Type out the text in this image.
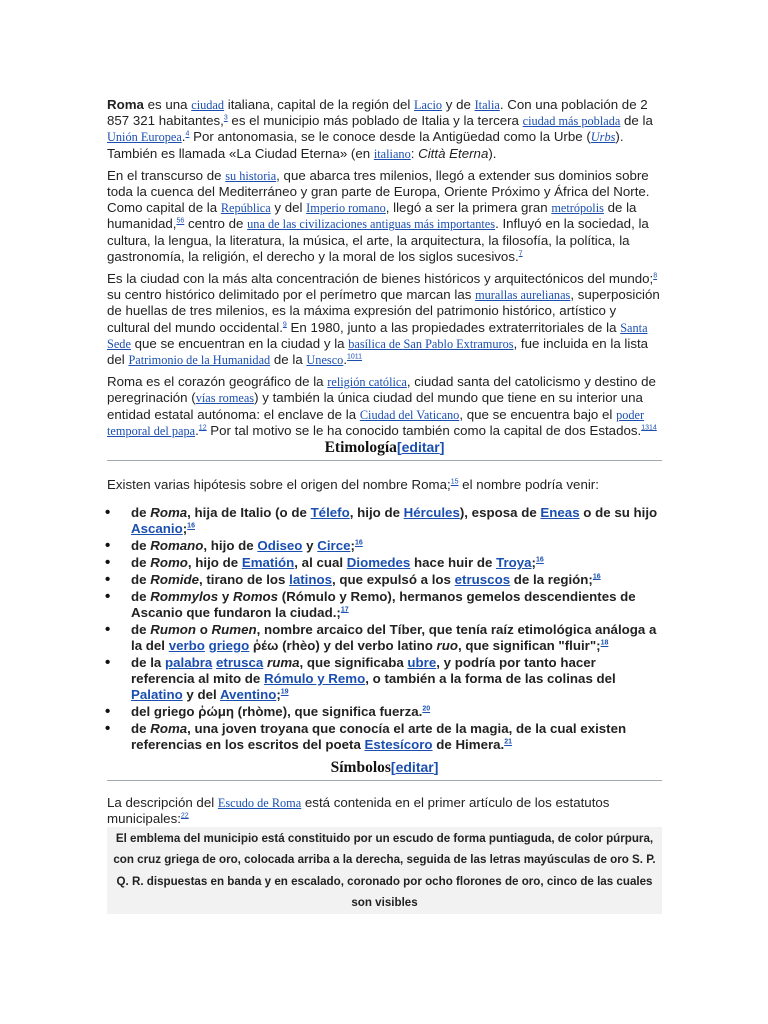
Roma es una ciudad italiana, capital de la región del Lacio y de Italia. Con una población de 2 857 321 habitantes,$^3$ es el municipio más poblado de Italia y la tercera ciudad más poblada de la Unión Europea.$^4$ Por antonomasia, se le conoce desde la Antigüedad como la Urbe (Urbs). También es llamada «La Ciudad Eterna» (en italiano: Città Eterna).

En el transcurso de su historia, que abarca tres milenios, llegó a extender sus dominios sobre toda la cuenca del Mediterráneo y gran parte de Europa, Oriente Próximo y África del Norte. Como capital de la República y del Imperio romano, llegó a ser la primera gran metrópolis de la humanidad,$^{56}$ centro de una de las civilizaciones antiguas más importantes. Influyó en la sociedad, la cultura, la lengua, la literatura, la música, el arte, la arquitectura, la filosofía, la política, la gastronomía, la religión, el derecho y la moral de los siglos sucesivos.$^7$

Es la ciudad con la más alta concentración de bienes históricos y arquitectónicos del mundo;$^8$ su centro histórico delimitado por el perímetro que marcan las murallas aurelianas, superposición de huellas de tres milenios, es la máxima expresión del patrimonio histórico, artístico y cultural del mundo occidental.$^9$ En 1980, junto a las propiedades extraterritoriales de la Santa Sede que se encuentran en la ciudad y la basílica de San Pablo Extramuros, fue incluida en la lista del Patrimonio de la Humanidad de la Unesco.$^{1011}$

Roma es el corazón geográfico de la religión católica, ciudad santa del catolicismo y destino de peregrinación (vías romeas) y también la única ciudad del mundo que tiene en su interior una entidad estatal autónoma: el enclave de la Ciudad del Vaticano, que se encuentra bajo el poder temporal del papa.$^{12}$ Por tal motivo se le ha conocido también como la capital de dos Estados.$^{1314}$

Etimología[editar]

Existen varias hipótesis sobre el origen del nombre Roma;$^{15}$ el nombre podría venir:

• de Roma, hija de Italio (o de Télefo, hijo de Hércules), esposa de Eneas o de su hijo Ascanio;$^{16}$
• de Romano, hijo de Odiseo y Circe;$^{16}$
• de Romo, hijo de Ematión, al cual Diomedes hace huir de Troya;$^{16}$
• de Romide, tirano de los latinos, que expulsó a los etruscos de la región;$^{16}$
• de Rommylos y Romos (Rómulo y Remo), hermanos gemelos descendientes de Ascanio que fundaron la ciudad.;$^{17}$
• de Rumon o Rumen, nombre arcaico del Tíber, que tenía raíz etimológica análoga a la del verbo griego ῥέω (rhèo) y del verbo latino ruo, que significan "fluir";$^{18}$
• de la palabra etrusca ruma, que significaba ubre, y podría por tanto hacer referencia al mito de Rómulo y Remo, o también a la forma de las colinas del Palatino y del Aventino;$^{19}$
• del griego ῥώμη (rhòme), que significa fuerza.$^{20}$
• de Roma, una joven troyana que conocía el arte de la magia, de la cual existen referencias en los escritos del poeta Estesícoro de Himera.$^{21}$
Símbolos[editar]

La descripción del Escudo de Roma está contenida en el primer artículo de los estatutos municipales:$^{22}$

El emblema del municipio está constituido por un escudo de forma puntiaguda, de color púrpura, con cruz griega de oro, colocada arriba a la derecha, seguida de las letras mayúsculas de oro S. P. Q. R. dispuestas en banda y en escalado, coronado por ocho florones de oro, cinco de las cuales son visibles
